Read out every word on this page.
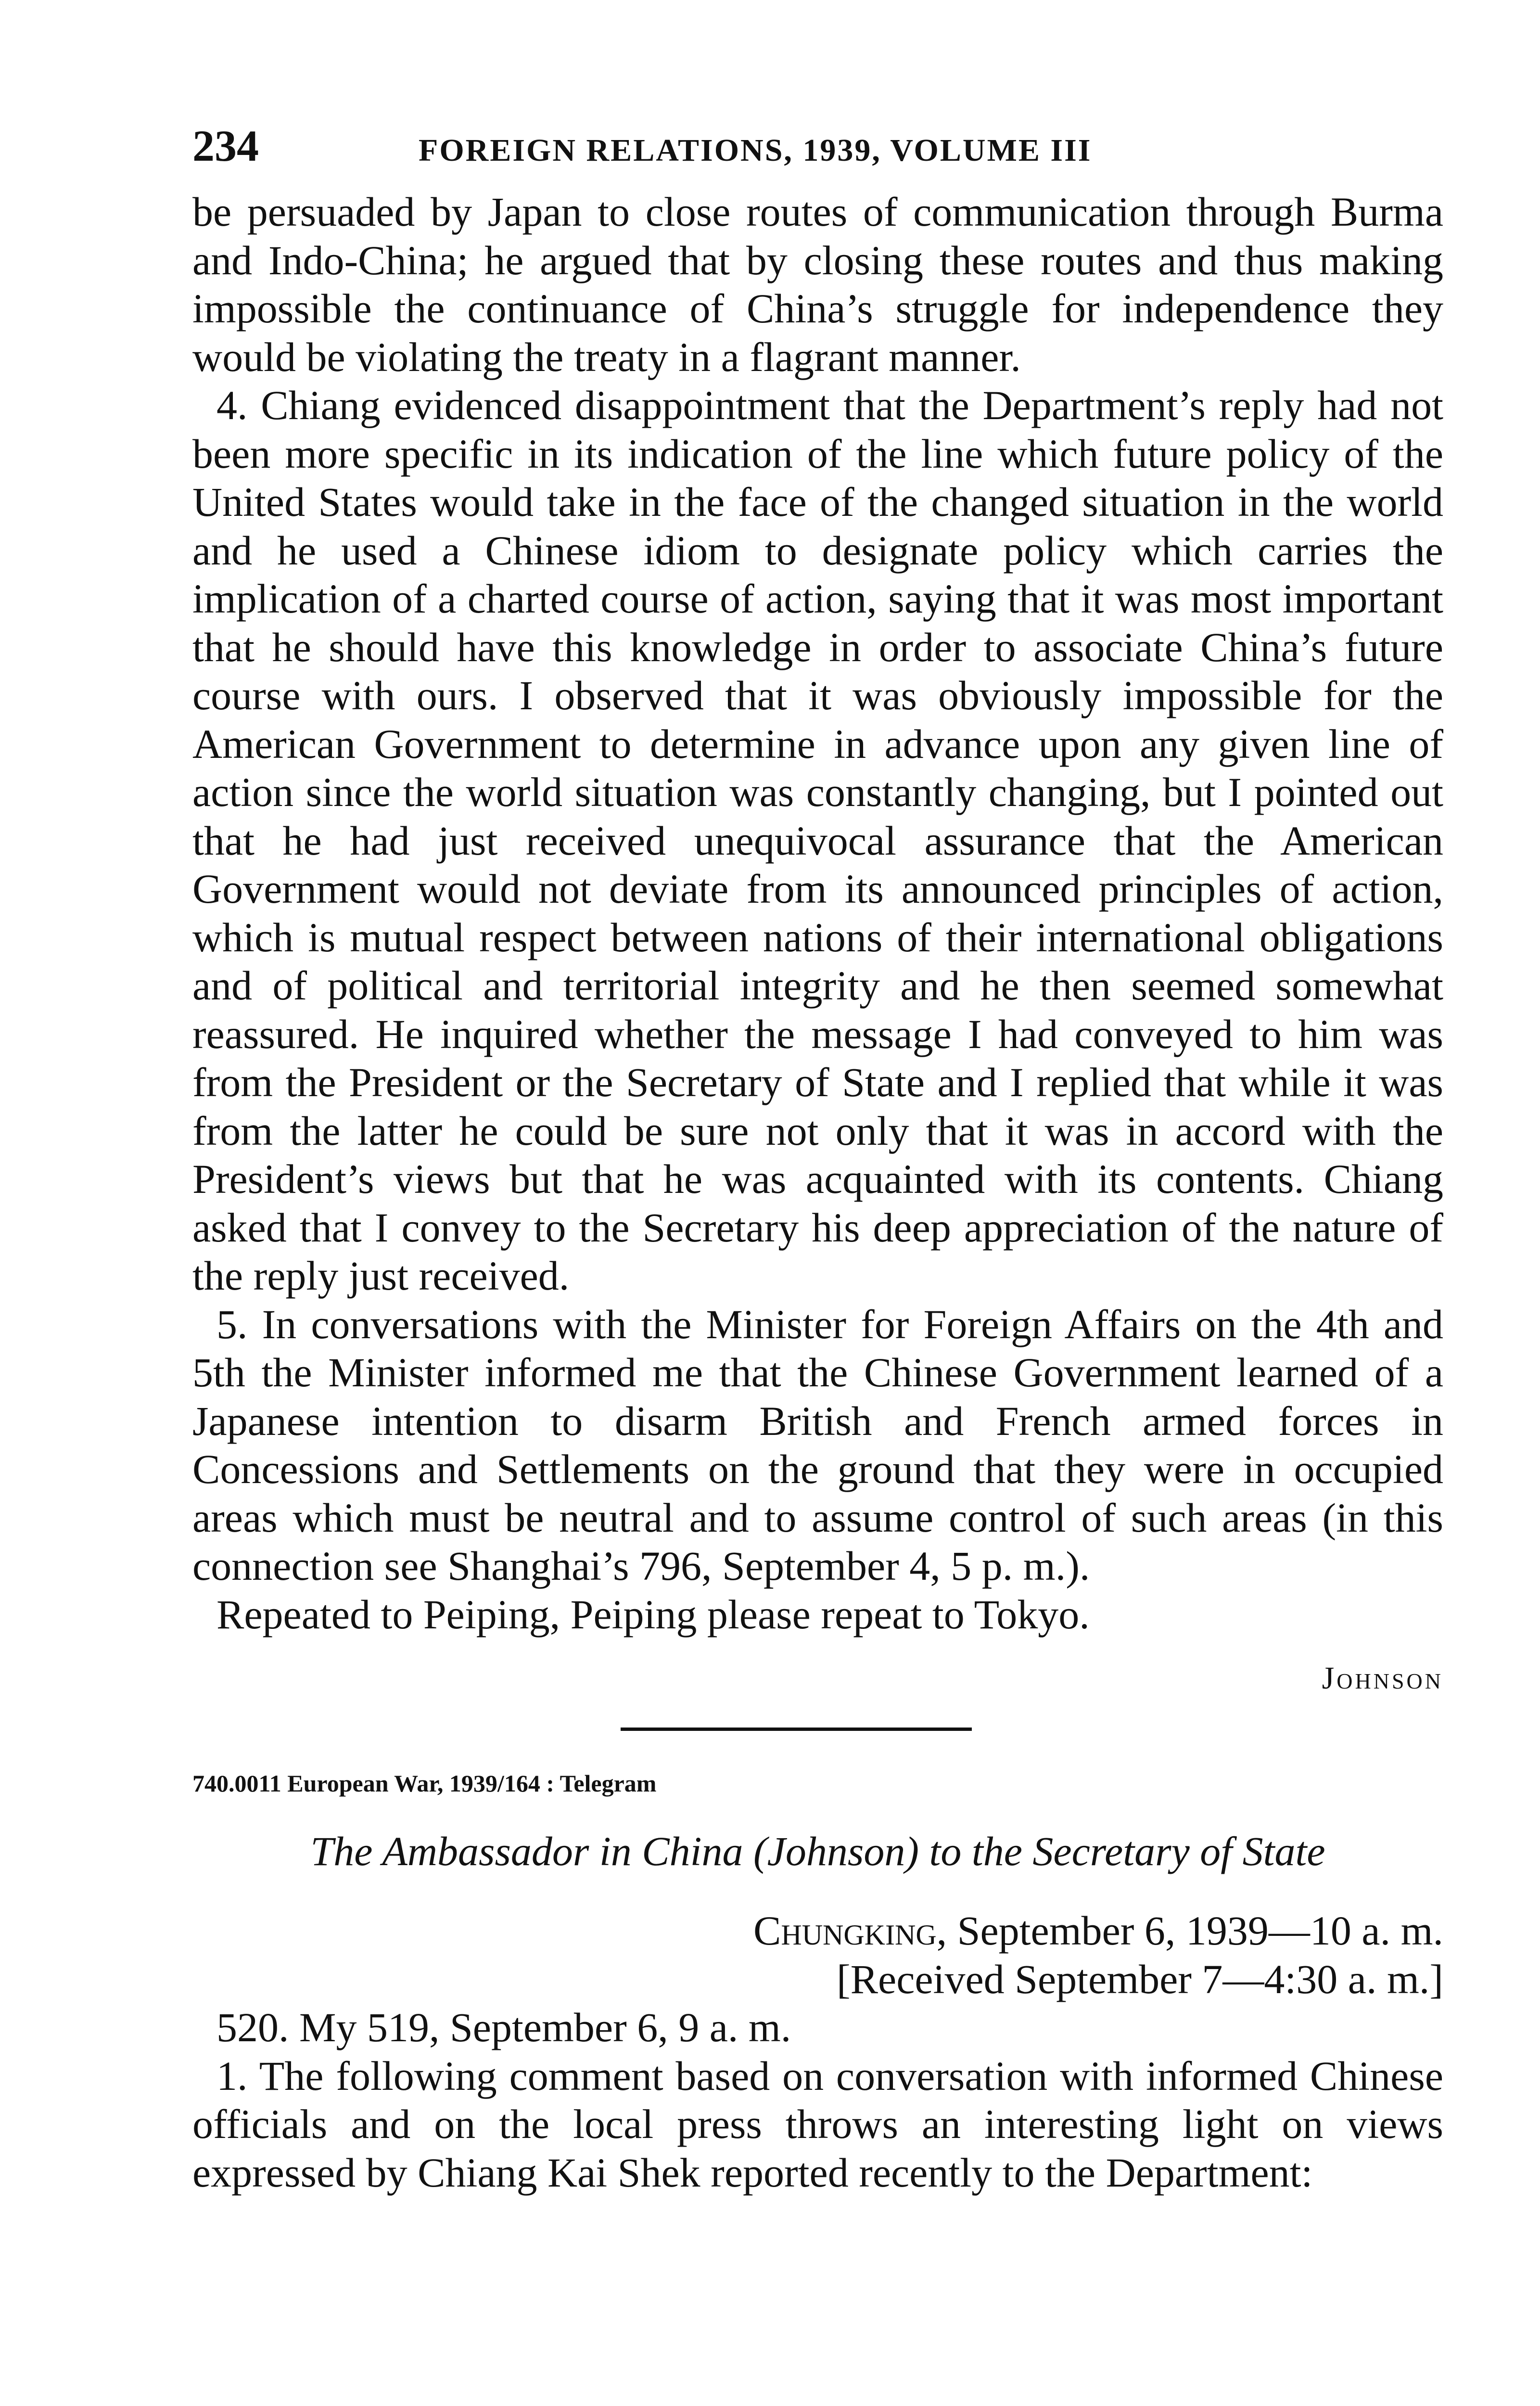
234	FOREIGN RELATIONS, 1939, VOLUME III

be persuaded by Japan to close routes of communication through Burma and Indo-China; he argued that by closing these routes and thus making impossible the continuance of China’s struggle for independence they would be violating the treaty in a flagrant manner.

4. Chiang evidenced disappointment that the Department’s reply had not been more specific in its indication of the line which future policy of the United States would take in the face of the changed situation in the world and he used a Chinese idiom to designate policy which carries the implication of a charted course of action, saying that it was most important that he should have this knowledge in order to associate China’s future course with ours. I observed that it was obviously impossible for the American Government to determine in advance upon any given line of action since the world situation was constantly changing, but I pointed out that he had just received unequivocal assurance that the American Government would not deviate from its announced principles of action, which is mutual respect between nations of their international obligations and of political and territorial integrity and he then seemed somewhat reassured. He inquired whether the message I had conveyed to him was from the President or the Secretary of State and I replied that while it was from the latter he could be sure not only that it was in accord with the President’s views but that he was acquainted with its contents. Chiang asked that I convey to the Secretary his deep appreciation of the nature of the reply just received.

5. In conversations with the Minister for Foreign Affairs on the 4th and 5th the Minister informed me that the Chinese Government learned of a Japanese intention to disarm British and French armed forces in Concessions and Settlements on the ground that they were in occupied areas which must be neutral and to assume control of such areas (in this connection see Shanghai’s 796, September 4, 5 p. m.).

Repeated to Peiping, Peiping please repeat to Tokyo.

Johnson
740.0011 European War, 1939/164 : Telegram
The Ambassador in China (Johnson) to the Secretary of State
Chungking, September 6, 1939—10 a. m.
[Received September 7—4:30 a. m.]

520. My 519, September 6, 9 a. m.

1. The following comment based on conversation with informed Chinese officials and on the local press throws an interesting light on views expressed by Chiang Kai Shek reported recently to the Department:
